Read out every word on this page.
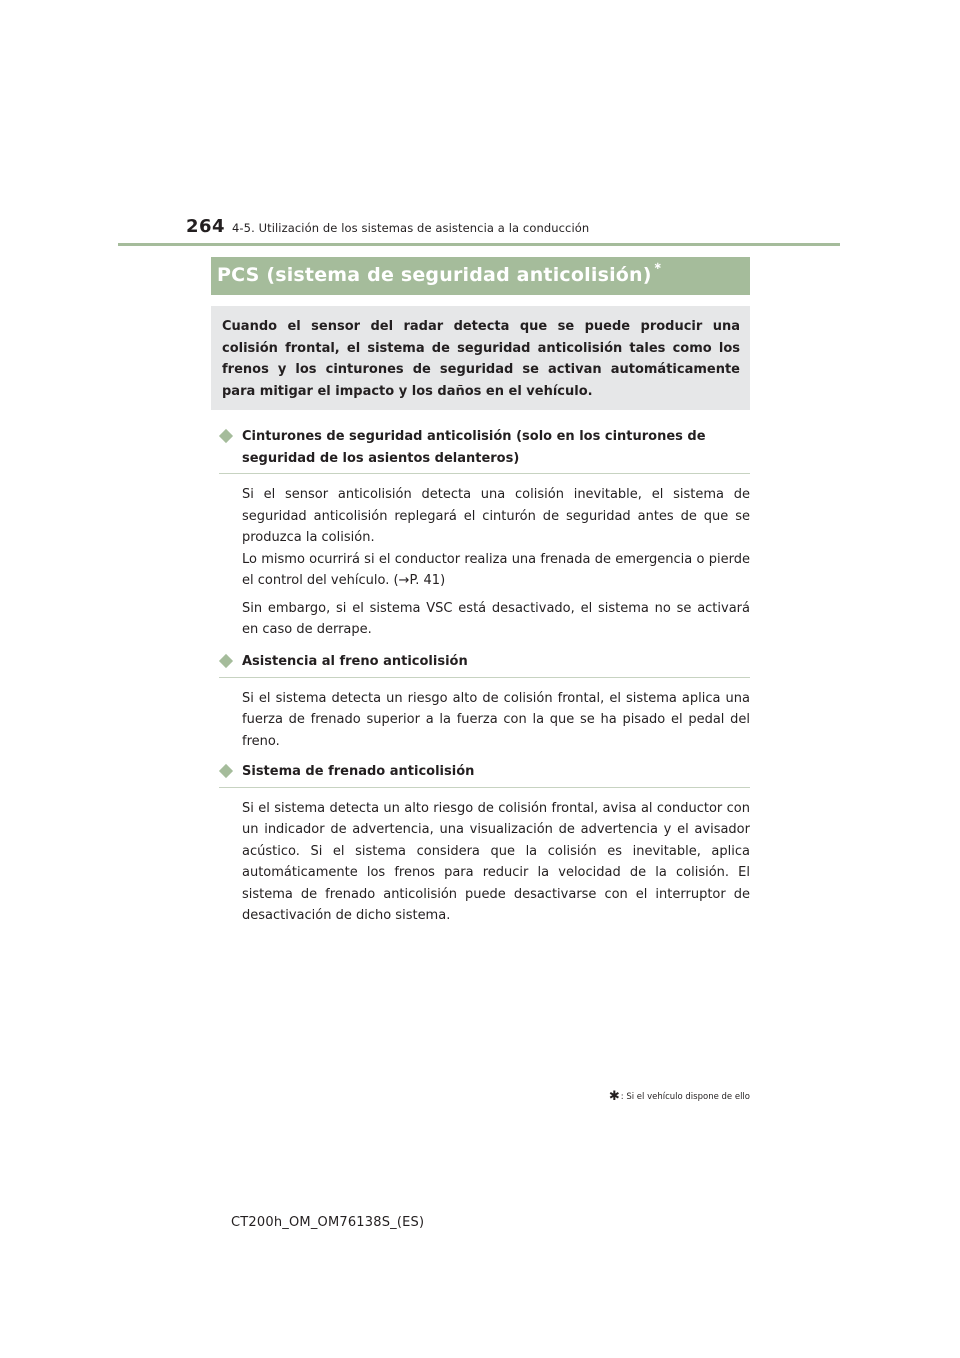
264 4-5. Utilización de los sistemas de asistencia a la conducción
PCS (sistema de seguridad anticolisión) ∗

Cuando el sensor del radar detecta que se puede producir una colisión frontal, el sistema de seguridad anticolisión tales como los frenos y los cinturones de seguridad se activan automáticamente para mitigar el impacto y los daños en el vehículo.

Cinturones de seguridad anticolisión (solo en los cinturones de seguridad de los asientos delanteros)

Si el sensor anticolisión detecta una colisión inevitable, el sistema de seguridad anticolisión replegará el cinturón de seguridad antes de que se produzca la colisión.
Lo mismo ocurrirá si el conductor realiza una frenada de emergencia o pierde el control del vehículo. (→P. 41)

Sin embargo, si el sistema VSC está desactivado, el sistema no se activará en caso de derrape.

Asistencia al freno anticolisión

Si el sistema detecta un riesgo alto de colisión frontal, el sistema aplica una fuerza de frenado superior a la fuerza con la que se ha pisado el pedal del freno.

Sistema de frenado anticolisión

Si el sistema detecta un alto riesgo de colisión frontal, avisa al conductor con un indicador de advertencia, una visualización de advertencia y el avisador acústico. Si el sistema considera que la colisión es inevitable, aplica automáticamente los frenos para reducir la velocidad de la colisión. El sistema de frenado anticolisión puede desactivarse con el interruptor de desactivación de dicho sistema.

✱: Si el vehículo dispone de ello
CT200h_OM_OM76138S_(ES)
